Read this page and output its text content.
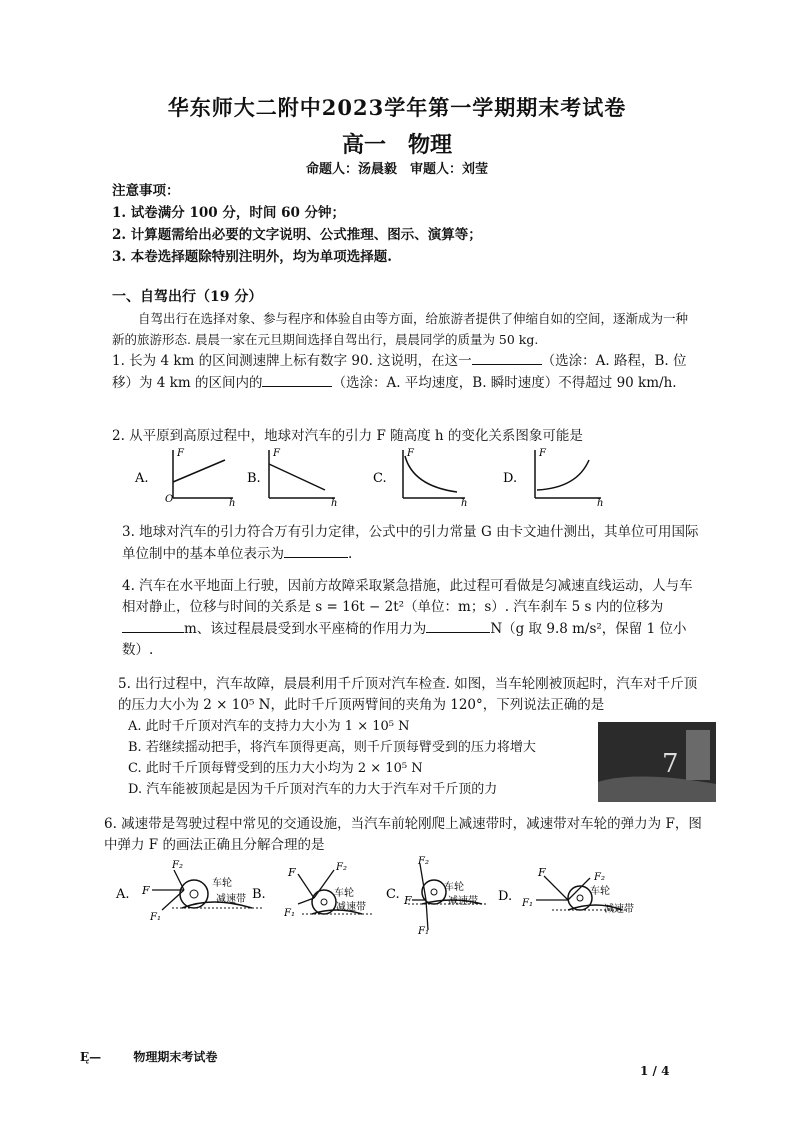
华东师大二附中2023学年第一学期期末考试卷
高一　物理
命题人：汤晨毅　审题人：刘莹
注意事项：
1. 试卷满分 100 分，时间 60 分钟；
2. 计算题需给出必要的文字说明、公式推理、图示、演算等；
3. 本卷选择题除特别注明外，均为单项选择题.
一、自驾出行（19 分）
自驾出行在选择对象、参与程序和体验自由等方面，给旅游者提供了伸缩自如的空间，逐渐成为一种新的旅游形态. 晨晨一家在元旦期间选择自驾出行，晨晨同学的质量为 50 kg.
1. 长为 4 km 的区间测速牌上标有数字 90. 这说明，在这一	（选涂：A. 路程，B. 位移）为 4 km 的区间内的	（选涂：A. 平均速度，B. 瞬时速度）不得超过 90 km/h.
2. 从平原到高原过程中，地球对汽车的引力 F 随高度 h 的变化关系图象可能是
A.
F
h
O
B.
F
h
C.
F
h
D.
F
h
3. 地球对汽车的引力符合万有引力定律，公式中的引力常量 G 由卡文迪什测出，其单位可用国际单位制中的基本单位表示为	.
4. 汽车在水平地面上行驶，因前方故障采取紧急措施，此过程可看做是匀减速直线运动，人与车相对静止，位移与时间的关系是 s = 16t − 2t²（单位：m；s）. 汽车刹车 5 s 内的位移为m、该过程晨晨受到水平座椅的作用力为	N（g 取 9.8 m/s²，保留 1 位小数）.
5. 出行过程中，汽车故障，晨晨利用千斤顶对汽车检查. 如图，当车轮刚被顶起时，汽车对千斤顶的压力大小为 2 × 10⁵ N，此时千斤顶两臂间的夹角为 120°，下列说法正确的是
A. 此时千斤顶对汽车的支持力大小为 1 × 10⁵ N
B. 若继续摇动把手，将汽车顶得更高，则千斤顶每臂受到的压力将增大
C. 此时千斤顶每臂受到的压力大小均为 2 × 10⁵ N
D. 汽车能被顶起是因为千斤顶对汽车的力大于汽车对千斤顶的力
7
6. 减速带是驾驶过程中常见的交通设施，当汽车前轮刚爬上减速带时，减速带对车轮的弹力为 F，图中弹力 F 的画法正确且分解合理的是
A. F
F₂
F₁
车轮
减速带 B.
F	F₂
F₁
车轮
减速带
C. F
F₂
F₁
车轮
减速带 D.
F	F₂
F₁
车轮
减速带
Ę—	物理期末考试卷
1 / 4
